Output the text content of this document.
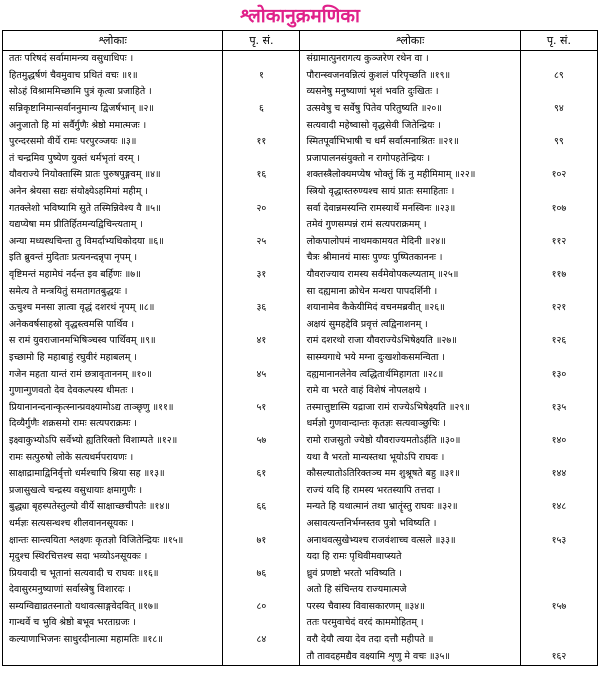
श्लोकानुक्रमणिका
श्लोकाः	पृ. सं.	श्लोकाः	पृ. सं.
ततः परिषदं सर्वामामन्त्र्य वसुधाधिपः ।		संग्रामात्पुनरागत्य कुञ्जरेण रथेन वा ।	
हितमुद्धर्षणं चैवमुवाच प्रथितं वचः ॥१॥	१	पौरान्स्वजनवन्नित्यं कुशलं परिपृच्छति ॥१९॥	८९
सोऽहं विश्राममिच्छामि पुत्रं कृत्वा प्रजाहिते ।		व्यसनेषु मनुष्याणां भृशं भवति दुःखितः ।	
सन्निकृष्टानिमान्सर्वाननुमान्य द्विजर्षभान् ॥२॥	६	उत्सवेषु च सर्वेषु पितेव परितुष्यति ॥२०॥	९४
अनुजातो हि मां सर्वैर्गुणैः श्रेष्ठो ममात्मजः ।		सत्यवादी महेष्वासो वृद्धसेवी जितेन्द्रियः ।	
पुरन्दरसमो वीर्ये रामः परपुरञ्जयः ॥३॥	११	स्मितपूर्वाभिभाषी च धर्मं सर्वात्मनाश्रितः ॥२१॥	९९
तं चन्द्रमिव पुष्येण युक्तं धर्मभृतां वरम् ।		प्रजापालनसंयुक्तो न रागोपहतेन्द्रियः ।	
यौवराज्ये नियोक्तास्मि प्रातः पुरुषपुङ्गवम् ॥४॥	१६	शक्तस्त्रैलोक्यमप्येष भोक्तुं किं नु महीमिमाम् ॥२२॥	१०२
अनेन श्रेयसा सद्यः संयोक्ष्येऽहमिमां महीम् ।		स्त्रियो वृद्धास्तरुण्यश्च सायं प्रातः समाहिताः ।	
गतक्लेशो भविष्यामि सुते तस्मिन्निवेश्य वै ॥५॥	२०	सर्वा देवान्नमस्यन्ति रामस्यार्थे मनस्विनः ॥२३॥	१०७
यद्यप्येषा मम प्रीतिर्हितमन्यद्विचिन्त्यताम् ।		तमेवं गुणसम्पन्नं रामं सत्यपराक्रमम् ।	
अन्या मध्यस्थचिन्ता तु विमर्दाभ्यधिकोदया ॥६॥	२५	लोकपालोपमं नाथमकामयत मेदिनी ॥२४॥	११२
इति ब्रुवन्तं मुदिताः प्रत्यनन्दन्नृपा नृपम् ।		चैत्रः श्रीमानयं मासः पुण्यः पुष्पितकाननः ।	
वृष्टिमन्तं महामेघं नर्दन्त इव बर्हिणः ॥७॥	३१	यौवराज्याय रामस्य सर्वमेवोपकल्प्यताम् ॥२५॥	११७
समेत्य ते मन्त्रयितुं समतागतबुद्धयः ।		सा दह्यमाना क्रोधेन मन्थरा पापदर्शिनी ।	
ऊचुश्च मनसा ज्ञात्वा वृद्धं दशरथं नृपम् ॥८॥	३६	शयानामेव कैकेयीमिदं वचनमब्रवीत् ॥२६॥	१२१
अनेकवर्षसाहस्रो वृद्धस्त्वमसि पार्थिव ।		अक्षयं सुमहद्देवि प्रवृत्तं त्वद्विनाशनम् ।	
स रामं युवराजानमभिषिञ्चस्व पार्थिवम् ॥९॥	४१	रामं दशरथो राजा यौवराज्येऽभिषेक्ष्यति ॥२७॥	१२६
इच्छामो हि महाबाहुं रघुवीरं महाबलम् ।		सास्म्यगाधे भये मग्ना दुःखशोकसमन्विता ।	
गजेन महता यान्तं रामं छत्रावृताननम् ॥१०॥	४५	दह्यमानानलेनेव त्वद्धितार्थमिहागता ॥२८॥	१३०
गुणान्गुणवतो देव देवकल्पस्य धीमतः ।		रामे वा भरते वाहं विशेषं नोपलक्षये ।	
प्रियानानन्दनान्कृत्स्नान्प्रवक्ष्यामोऽद्य ताञ्छृणु ॥११॥	५१	तस्मात्तुष्टास्मि यद्राजा रामं राज्येऽभिषेक्ष्यति ॥२९॥	१३५
दिव्यैर्गुणैः शक्रसमो रामः सत्यपराक्रमः ।		धर्मज्ञो गुणवान्दान्तः कृतज्ञः सत्यवाञ्छुचिः ।	
इक्ष्वाकुभ्योऽपि सर्वेभ्यो ह्यतिरिक्तो विशाम्पते ॥१२॥	५७	रामो राजसुतो ज्येष्ठो यौवराज्यमतोऽर्हति ॥३०॥	१४०
रामः सत्पुरुषो लोके सत्यधर्मपरायणः ।		यथा वै भरतो मान्यस्तथा भूयोऽपि राघवः ।	
साक्षाद्रामाद्विनिर्वृत्तो धर्मश्चापि श्रिया सह ॥१३॥	६१	कौसल्यातोऽतिरिक्तञ्च मम शुश्रूषते बहु ॥३१॥	१४४
प्रजासुखत्वे चन्द्रस्य वसुधायाः क्षमागुणैः ।		राज्यं यदि हि रामस्य भरतस्यापि तत्तदा ।	
बुद्ध्या बृहस्पतेस्तुल्यो वीर्ये साक्षाच्छचीपतेः ॥१४॥	६६	मन्यते हि यथात्मानं तथा भ्रातॄंस्तु राघवः ॥३२॥	१४८
धर्मज्ञः सत्यसन्धश्च शीलवाननसूयकः ।		असावत्यन्तनिर्भग्नस्तव पुत्रो भविष्यति ।	
क्षान्तः सान्त्वयिता श्लक्ष्णः कृतज्ञो विजितेन्द्रियः ॥१५॥	७१	अनाथवत्सुखेभ्यश्च राजवंशाच्च वत्सले ॥३३॥	१५३
मृदुश्च स्थिरचित्तश्च सदा भव्योऽनसूयकः ।		यदा हि रामः पृथिवीमवाप्स्यते	
प्रियवादी च भूतानां सत्यवादी च राघवः ॥१६॥	७६	ध्रुवं प्रणष्टो भरतो भविष्यति ।	
देवासुरमनुष्याणां सर्वास्त्रेषु विशारदः ।		अतो हि संचिन्तय राज्यमात्मजे	
सम्यग्विद्याव्रतस्नातो यथावत्साङ्गवेदवित् ॥१७॥	८०	परस्य चैवास्य विवासकारणम् ॥३४॥	१५७
गान्धर्वे च भुवि श्रेष्ठो बभूव भरताग्रजः ।		ततः परमुवाचेदं वरदं काममोहितम् ।	
कल्याणाभिजनः साधुरदीनात्मा महामतिः ॥१८॥	८४	वरौ देयौ त्वया देव तदा दत्तौ महीपते ॥	
		तौ तावदहमद्यैव वक्ष्यामि शृणु मे वचः ॥३५॥	१६२
